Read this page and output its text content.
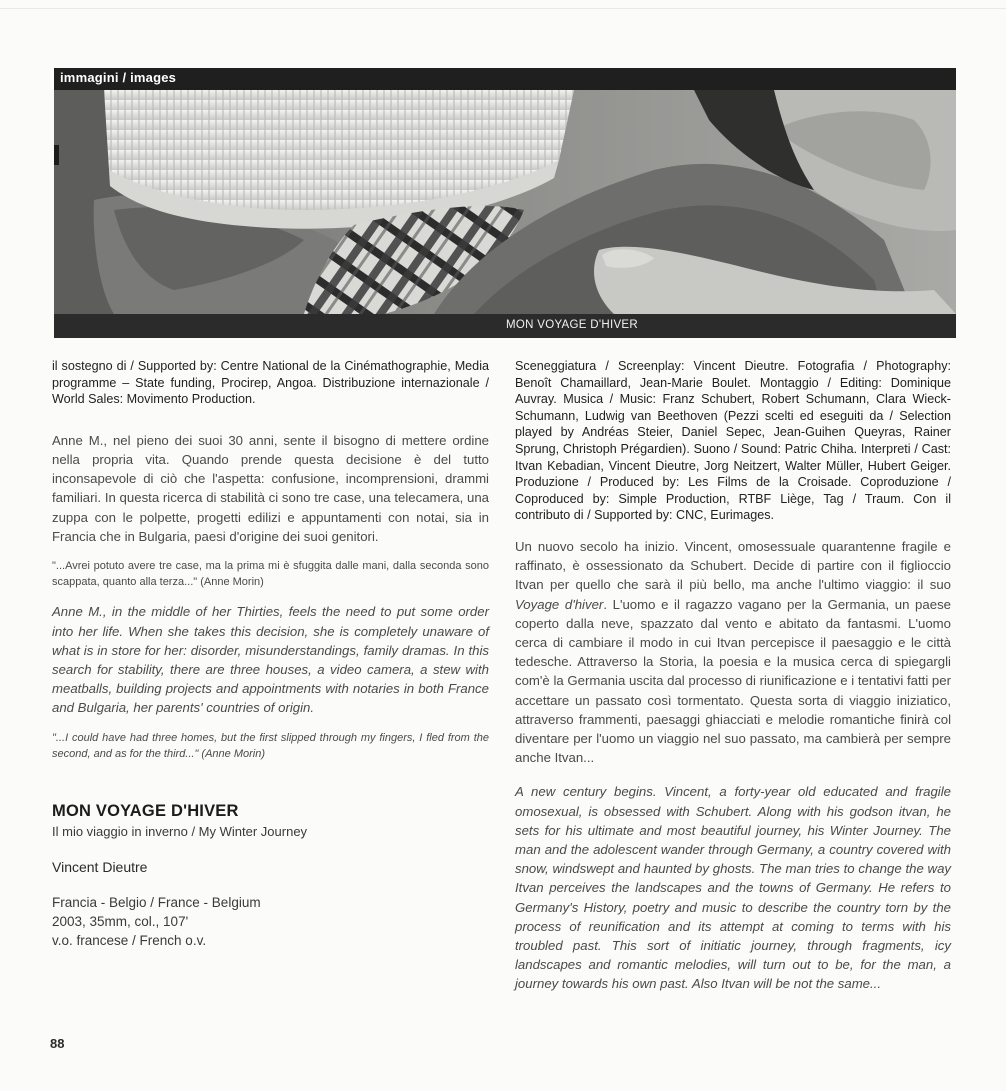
immagini / images
MON VOYAGE D'HIVER

il sostegno di / Supported by: Centre National de la Cinémathographie, Media programme – State funding, Procirep, Angoa. Distribuzione internazionale / World Sales: Movimento Production.

Anne M., nel pieno dei suoi 30 anni, sente il bisogno di mettere ordine nella propria vita. Quando prende questa decisione è del tutto inconsapevole di ciò che l'aspetta: confusione, incomprensioni, drammi familiari. In questa ricerca di stabilità ci sono tre case, una telecamera, una zuppa con le polpette, progetti edilizi e appuntamenti con notai, sia in Francia che in Bulgaria, paesi d'origine dei suoi genitori.

"...Avrei potuto avere tre case, ma la prima mi è sfuggita dalle mani, dalla seconda sono scappata, quanto alla terza..." (Anne Morin)

Anne M., in the middle of her Thirties, feels the need to put some order into her life. When she takes this decision, she is completely unaware of what is in store for her: disorder, misunderstandings, family dramas. In this search for stability, there are three houses, a video camera, a stew with meatballs, building projects and appointments with notaries in both France and Bulgaria, her parents' countries of origin.

"...I could have had three homes, but the first slipped through my fingers, I fled from the second, and as for the third..." (Anne Morin)

MON VOYAGE D'HIVER

Il mio viaggio in inverno / My Winter Journey

Vincent Dieutre

Francia - Belgio / France - Belgium

2003, 35mm, col., 107'

v.o. francese / French o.v.

Sceneggiatura / Screenplay: Vincent Dieutre. Fotografia / Photography: Benoît Chamaillard, Jean-Marie Boulet. Montaggio / Editing: Dominique Auvray. Musica / Music: Franz Schubert, Robert Schumann, Clara Wieck-Schumann, Ludwig van Beethoven (Pezzi scelti ed eseguiti da / Selection played by Andréas Steier, Daniel Sepec, Jean-Guihen Queyras, Rainer Sprung, Christoph Prégardien). Suono / Sound: Patric Chiha. Interpreti / Cast: Itvan Kebadian, Vincent Dieutre, Jorg Neitzert, Walter Müller, Hubert Geiger. Produzione / Produced by: Les Films de la Croisade. Coproduzione / Coproduced by: Simple Production, RTBF Liège, Tag / Traum. Con il contributo di / Supported by: CNC, Eurimages.

Un nuovo secolo ha inizio. Vincent, omosessuale quarantenne fragile e raffinato, è ossessionato da Schubert. Decide di partire con il figlioccio Itvan per quello che sarà il più bello, ma anche l'ultimo viaggio: il suo Voyage d'hiver. L'uomo e il ragazzo vagano per la Germania, un paese coperto dalla neve, spazzato dal vento e abitato da fantasmi. L'uomo cerca di cambiare il modo in cui Itvan percepisce il paesaggio e le città tedesche. Attraverso la Storia, la poesia e la musica cerca di spiegargli com'è la Germania uscita dal processo di riunificazione e i tentativi fatti per accettare un passato così tormentato. Questa sorta di viaggio iniziatico, attraverso frammenti, paesaggi ghiacciati e melodie romantiche finirà col diventare per l'uomo un viaggio nel suo passato, ma cambierà per sempre anche Itvan...

A new century begins. Vincent, a forty-year old educated and fragile omosexual, is obsessed with Schubert. Along with his godson itvan, he sets for his ultimate and most beautiful journey, his Winter Journey. The man and the adolescent wander through Germany, a country covered with snow, windswept and haunted by ghosts. The man tries to change the way Itvan perceives the landscapes and the towns of Germany. He refers to Germany's History, poetry and music to describe the country torn by the process of reunification and its attempt at coming to terms with his troubled past. This sort of initiatic journey, through fragments, icy landscapes and romantic melodies, will turn out to be, for the man, a journey towards his own past. Also Itvan will be not the same...

88
